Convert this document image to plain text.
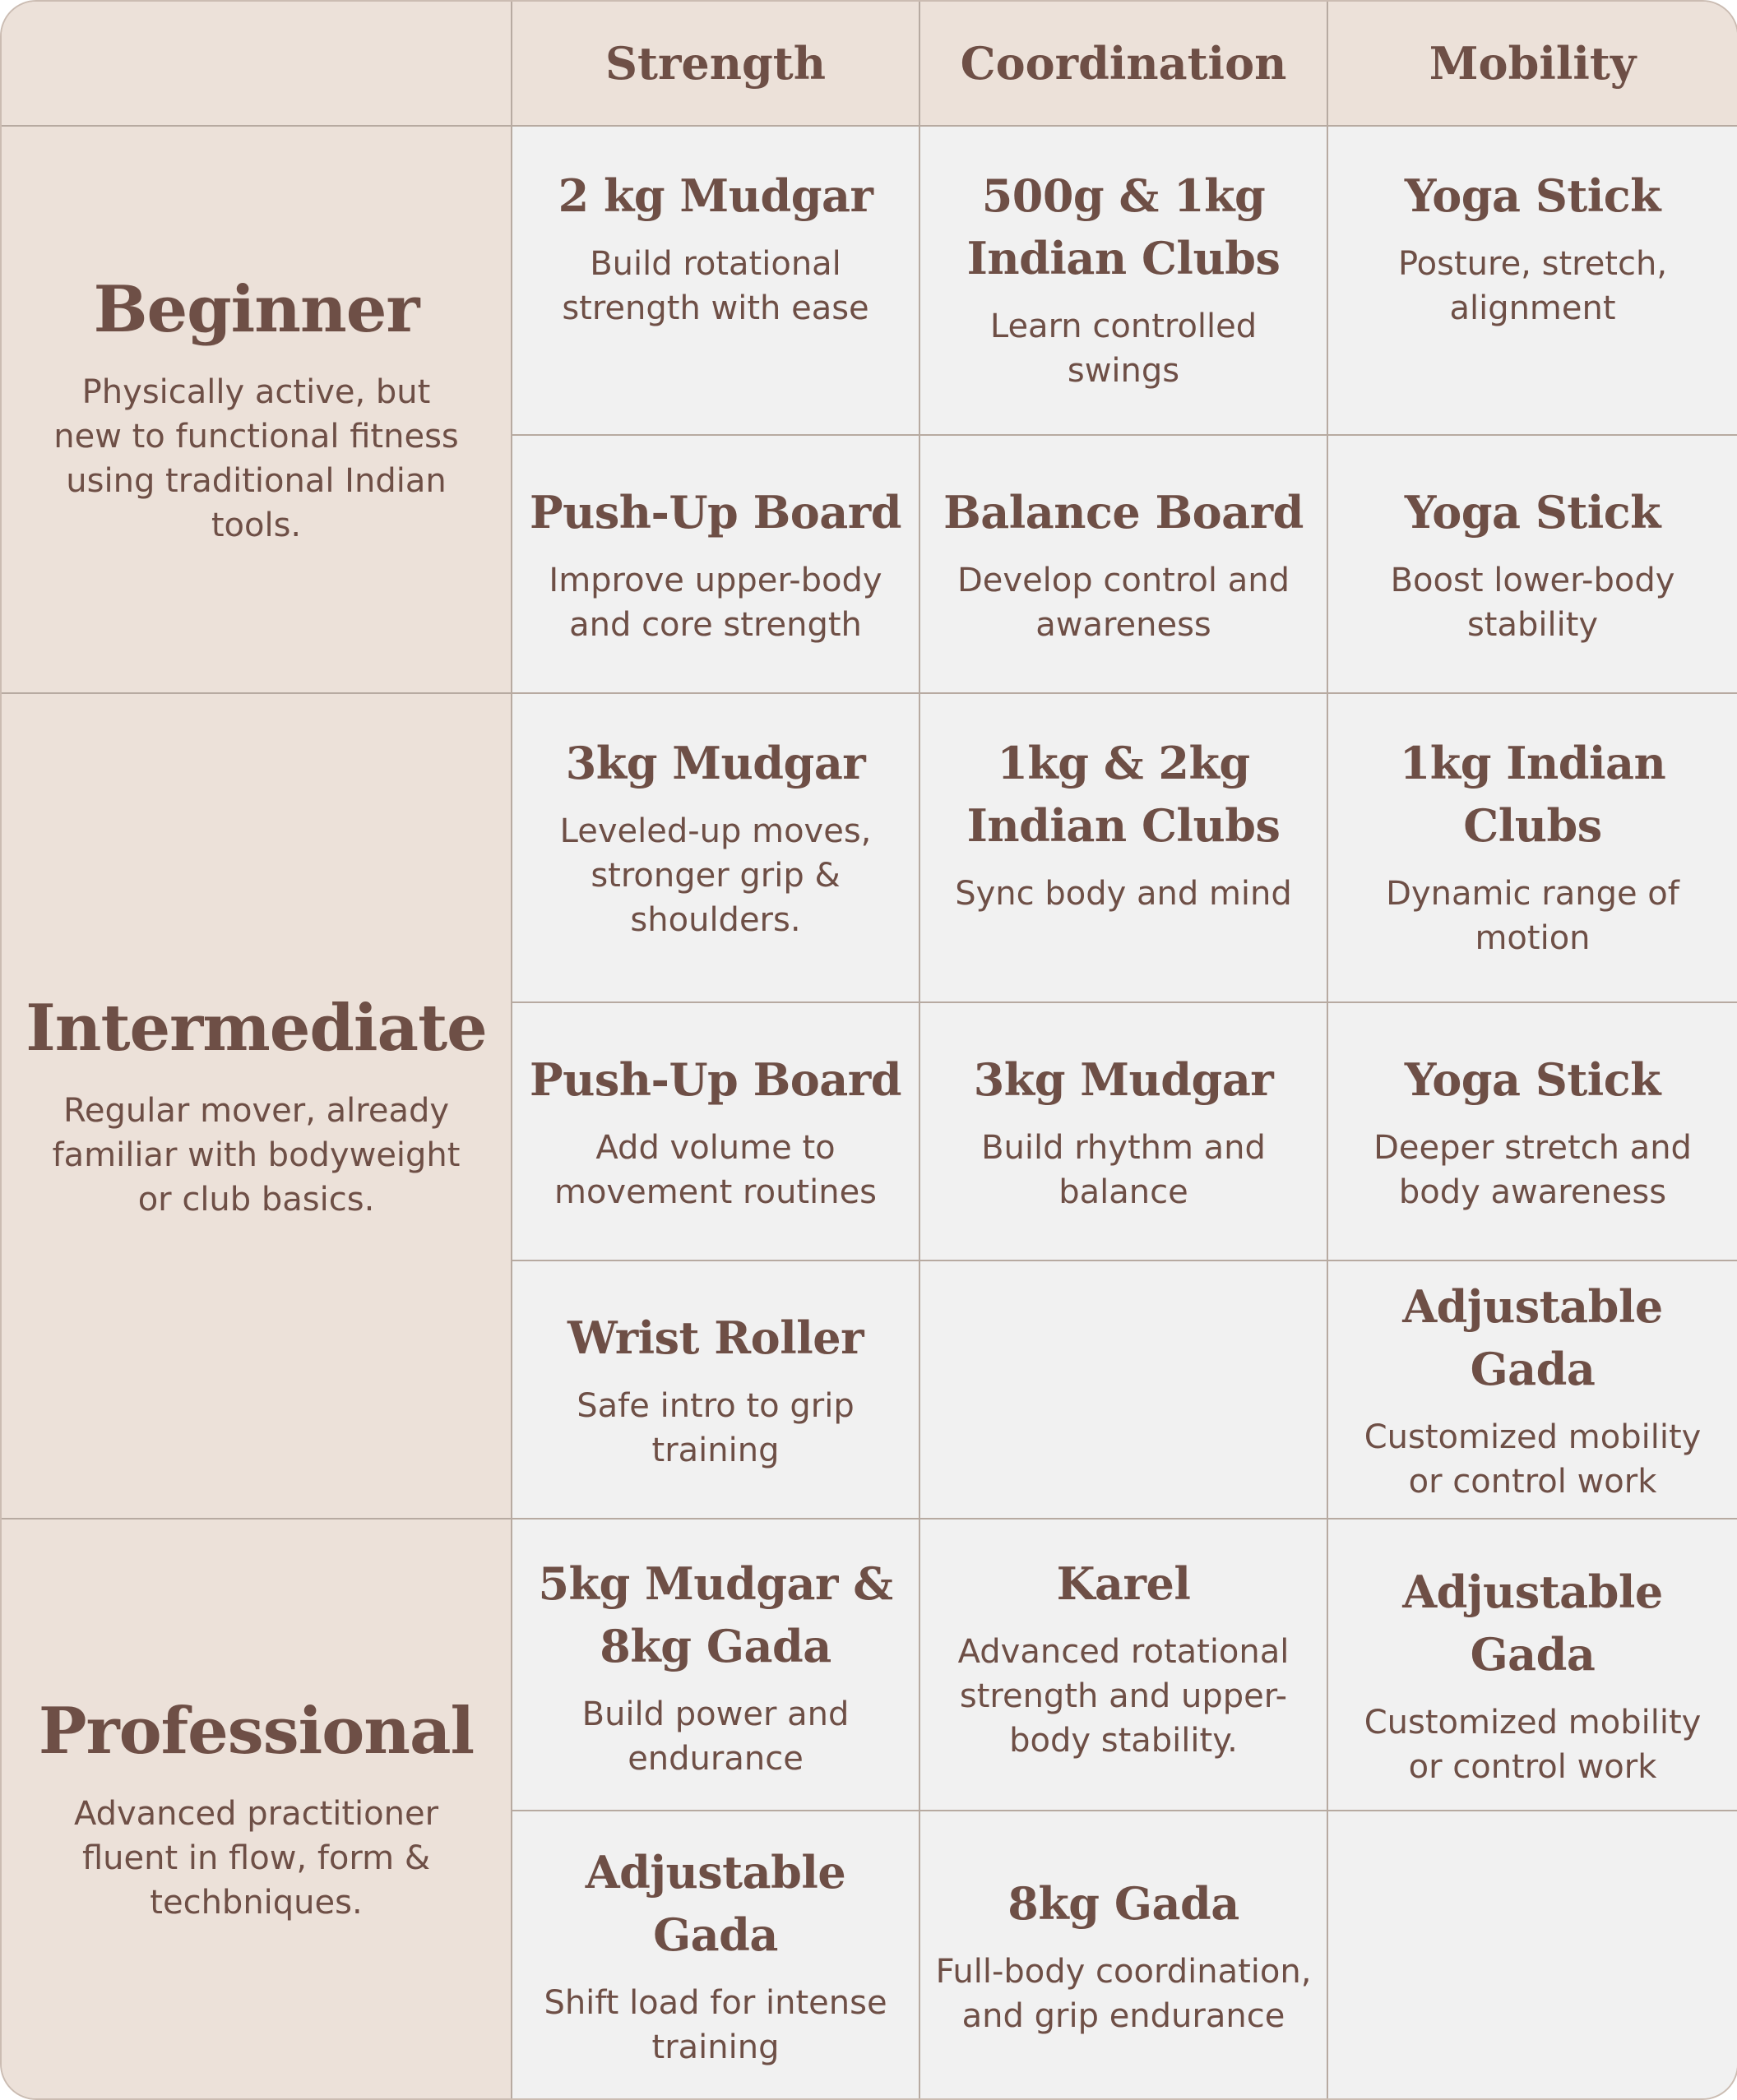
Strength	Coordination	Mobility
Beginner
Physically active, but new to functional fitness using traditional Indian tools.
2 kg Mudgar
Build rotational strength with ease
500g & 1kg Indian Clubs
Learn controlled swings
Yoga Stick
Posture, stretch, alignment
Push-Up Board
Improve upper-body and core strength
Balance Board
Develop control and awareness
Yoga Stick
Boost lower-body stability
Intermediate
Regular mover, already familiar with bodyweight or club basics.
3kg Mudgar
Leveled-up moves, stronger grip & shoulders.
1kg & 2kg Indian Clubs
Sync body and mind
1kg Indian Clubs
Dynamic range of motion
Push-Up Board
Add volume to movement routines
3kg Mudgar
Build rhythm and balance
Yoga Stick
Deeper stretch and body awareness
Wrist Roller
Safe intro to grip training
Adjustable Gada
Customized mobility or control work
Professional
Advanced practitioner fluent in flow, form & techbniques.
5kg Mudgar & 8kg Gada
Build power and endurance
Karel
Advanced rotational strength and upper-body stability.
Adjustable Gada
Customized mobility or control work
Adjustable Gada
Shift load for intense training
8kg Gada
Full-body coordination, and grip endurance
